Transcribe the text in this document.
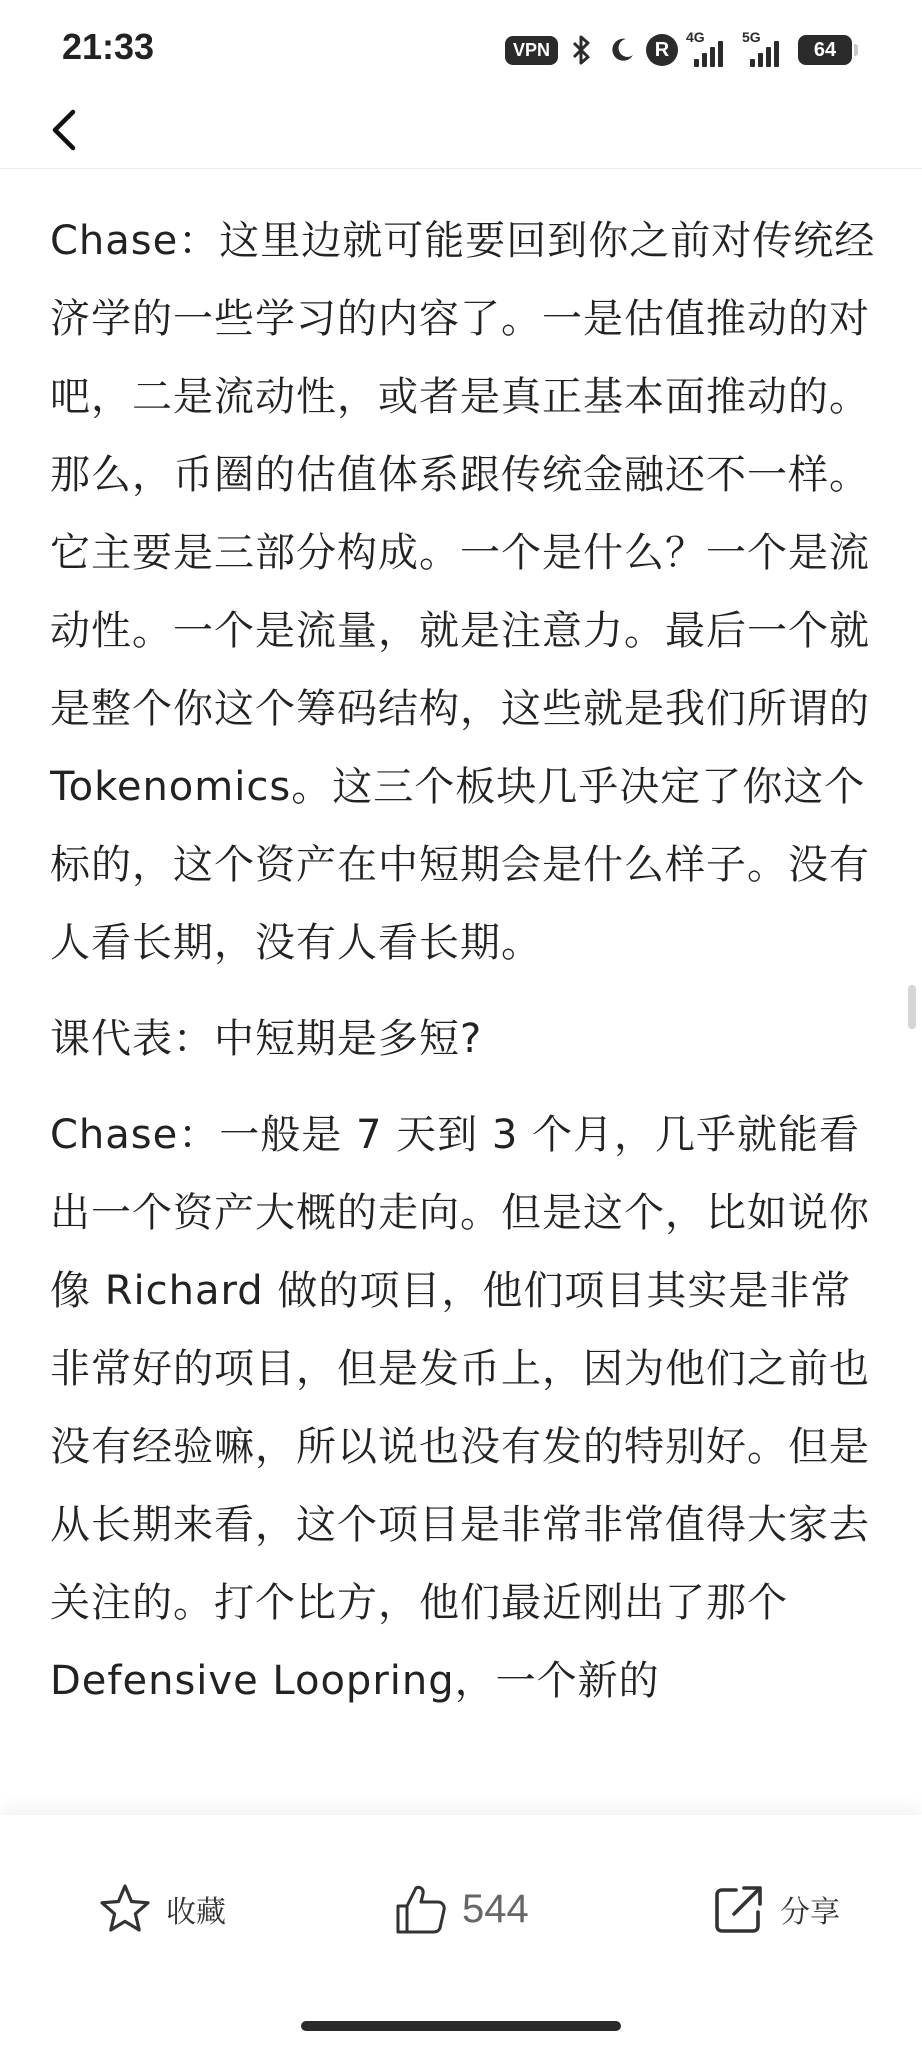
21:33	VPN	R
4G	5G
64

Chase：这里边就可能要回到你之前对传统经济学的一些学习的内容了。一是估值推动的对吧，二是流动性，或者是真正基本面推动的。那么，币圈的估值体系跟传统金融还不一样。它主要是三部分构成。一个是什么？一个是流动性。一个是流量，就是注意力。最后一个就是整个你这个筹码结构，这些就是我们所谓的 Tokenomics。这三个板块几乎决定了你这个标的，这个资产在中短期会是什么样子。没有人看长期，没有人看长期。

课代表：中短期是多短?

Chase：一般是 7 天到 3 个月，几乎就能看出一个资产大概的走向。但是这个，比如说你像 Richard 做的项目，他们项目其实是非常非常好的项目，但是发币上，因为他们之前也没有经验嘛，所以说也没有发的特别好。但是从长期来看，这个项目是非常非常值得大家去关注的。打个比方，他们最近刚出了那个 Defensive Loopring，一个新的

收藏	544	分享
